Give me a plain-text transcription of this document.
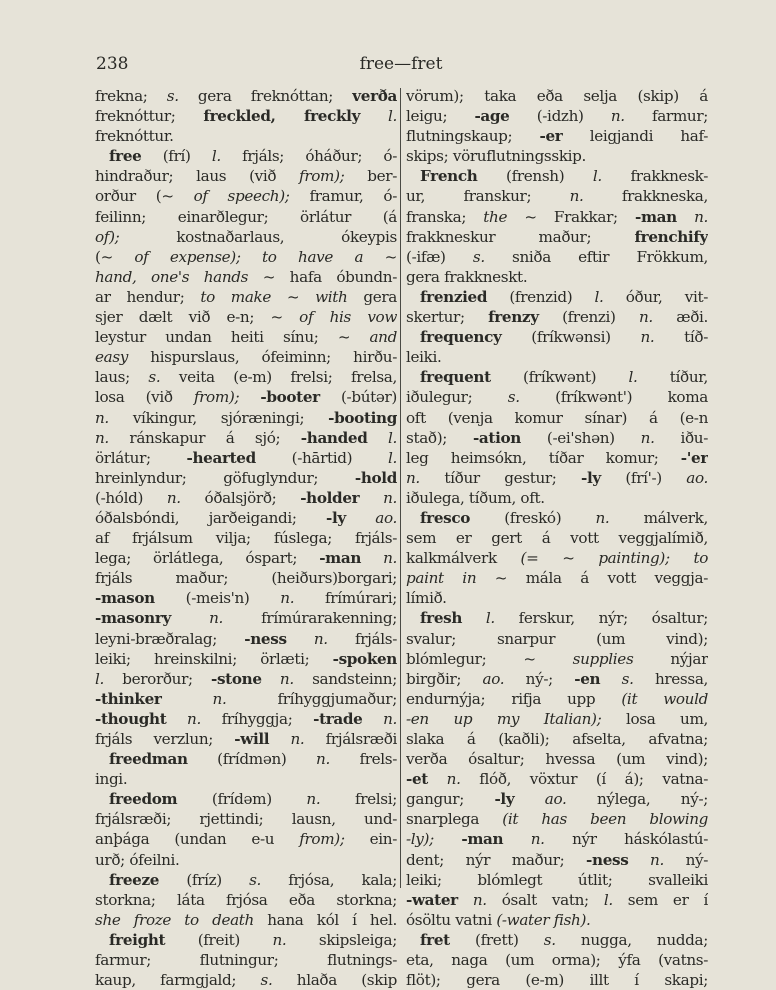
238	free—fret
frekna; s. gera freknóttan; verða
freknóttur; freckled, freckly l.
freknóttur.
free (frí) l. frjáls; óháður; ó-
hindraður; laus (við from); ber-
orður (~ of speech); framur, ó-
feilinn; einarðlegur; örlátur (á
of); kostnaðarlaus, ókeypis
(~ of expense); to have a ~
hand, one's hands ~ hafa óbundn-
ar hendur; to make ~ with gera
sjer dælt við e-n; ~ of his vow
leystur undan heiti sínu; ~ and
easy hispurslaus, ófeiminn; hirðu-
laus; s. veita (e-m) frelsi; frelsa,
losa (við from); -booter (-bútər)
n. víkingur, sjóræningi; -booting
n. ránskapur á sjó; -handed l.
örlátur; -hearted (-hārtid) l.
hreinlyndur; göfuglyndur; -hold
(-hóld) n. óðalsjörð; -holder n.
óðalsbóndi, jarðeigandi; -ly ao.
af frjálsum vilja; fúslega; frjáls-
lega; örlátlega, óspart; -man n.
frjáls maður; (heiðurs)borgari;
-mason (-meis'n) n. frímúrari;
-masonry	n. frímúrarakenning;
leyni-bræðralag; -ness n. frjáls-
leiki; hreinskilni; örlæti; -spoken
l. berorður; -stone n. sandsteinn;
-thinker	n. fríhyggjumaður;
-thought n. fríhyggja; -trade n.
frjáls verzlun; -will n. frjálsræði
freedman (frídmən) n. frels-
ingi.
freedom (frídəm) n. frelsi;
frjálsræði; rjettindi; lausn, und-
anþága (undan e-u from); ein-
urð; ófeilni.
freeze (fríz) s. frjósa, kala;
storkna; láta frjósa eða storkna;
she froze to death hana kól í hel.
freight (freit) n. skipsleiga;
farmur; flutningur; flutnings-
kaup, farmgjald; s. hlaða (skip
vörum); taka eða selja (skip) á
leigu; -age (-idzh) n. farmur;
flutningskaup; -er leigjandi haf-
skips; vöruflutningsskip.
French (frensh) l. frakknesk-
ur, franskur; n. frakkneska,
franska; the ~ Frakkar; -man n.
frakkneskur maður; frenchify
(-ifæ) s. sniða eftir Frökkum,
gera frakkneskt.
frenzied (frenzid) l. óður, vit-
skertur; frenzy (frenzi) n. æði.
frequency (fríkwənsi) n. tíð-
leiki.
frequent (fríkwənt) l. tíður,
iðulegur; s. (fríkwənt') koma
oft (venja komur sínar) á (e-n
stað); -ation (-ei'shən) n. iðu-
leg heimsókn, tíðar komur; -'er
n. tíður gestur; -ly (frí'-) ao.
iðulega, tíðum, oft.
fresco (freskó) n. málverk,
sem er gert á vott veggjalímið,
kalkmálverk (= ~ painting); to
paint in ~ mála á vott veggja-
límið.
fresh l. ferskur, nýr; ósaltur;
svalur; snarpur (um vind);
blómlegur; ~ supplies nýjar
birgðir; ao. ný-; -en s. hressa,
endurnýja; rifja upp (it would
-en up my Italian); losa um,
slaka á (kaðli); afselta, afvatna;
verða ósaltur; hvessa (um vind);
-et n. flóð, vöxtur (í á); vatna-
gangur; -ly ao. nýlega, ný-;
snarplega (it has been blowing
-ly); -man n. nýr háskólastú-
dent; nýr maður; -ness n. ný-
leiki; blómlegt útlit; svalleiki
-water n. ósalt vatn; l. sem er í
ósöltu vatni (-water fish).
fret (frett) s. nugga, nudda;
eta, naga (um orma); ýfa (vatns-
flöt); gera (e-m) illt í skapi;
